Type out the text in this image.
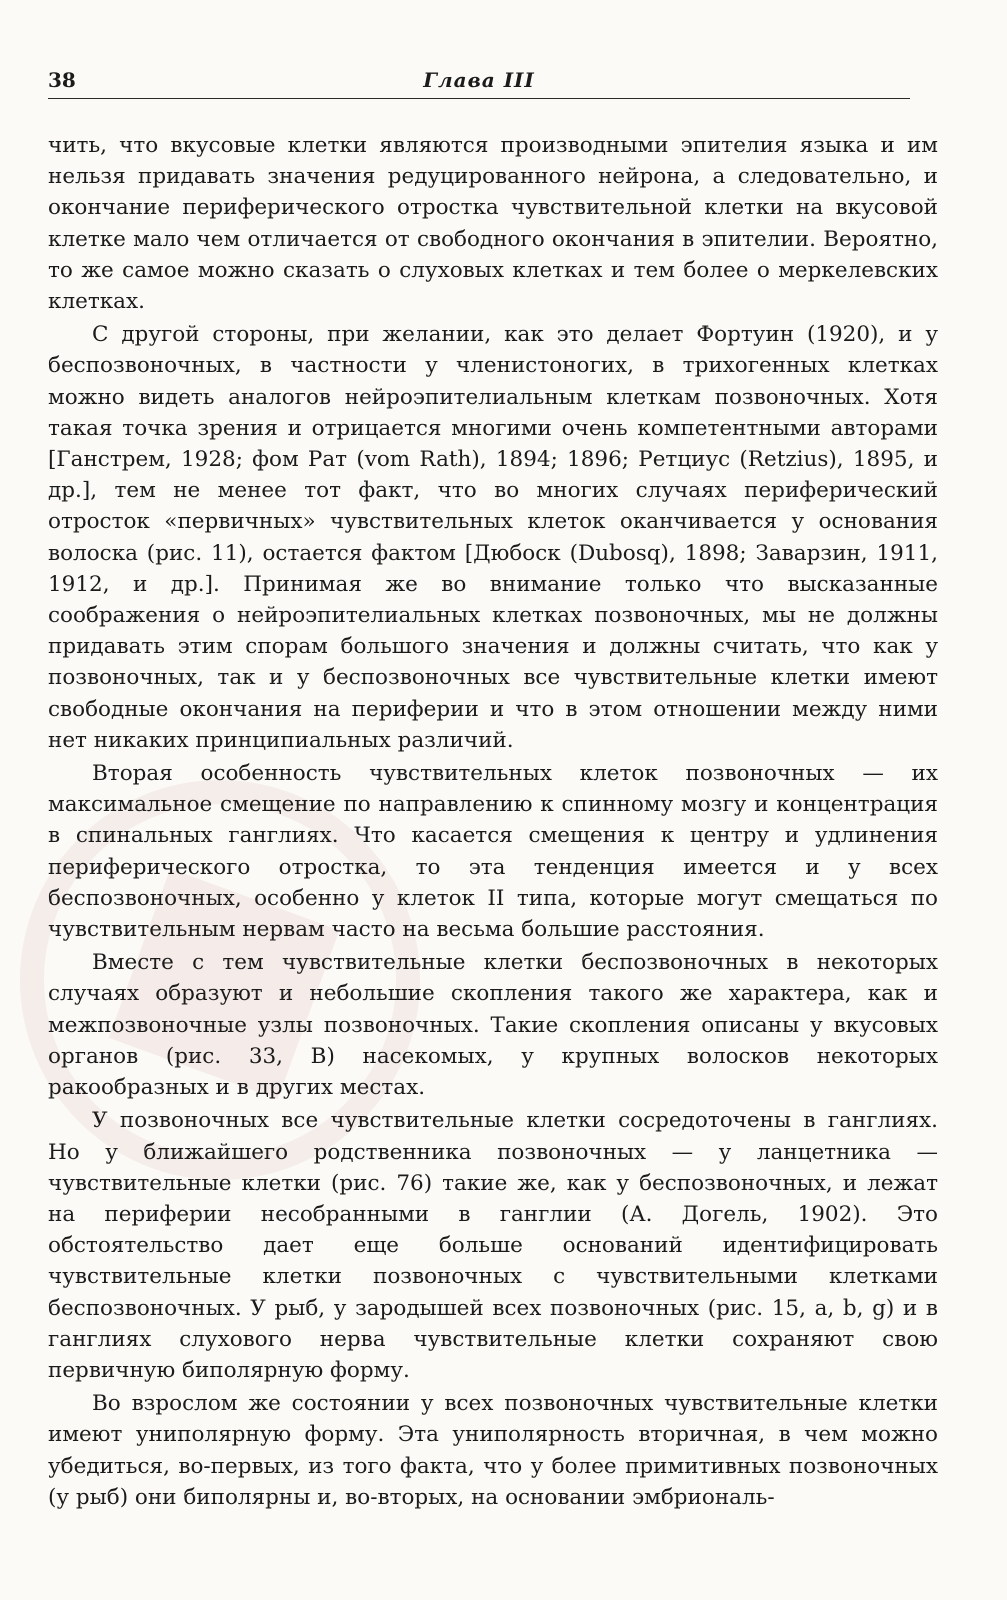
38	Глава III

чить, что вкусовые клетки являются производными эпителия языка и им нельзя придавать значения редуцированного нейрона, а следовательно, и окончание периферического отростка чувствительной клетки на вкусовой клетке мало чем отличается от свободного окончания в эпителии. Вероятно, то же самое можно сказать о слуховых клетках и тем более о меркелевских клетках.

С другой стороны, при желании, как это делает Фортуин (1920), и у беспозвоночных, в частности у членистоногих, в трихогенных клетках можно видеть аналогов нейроэпителиальным клеткам позвоночных. Хотя такая точка зрения и отрицается многими очень компетентными авторами [Ганстрем, 1928; фом Рат (vom Rath), 1894; 1896; Ретциус (Retzius), 1895, и др.], тем не менее тот факт, что во многих случаях периферический отросток «первичных» чувствительных клеток оканчивается у основания волоска (рис. 11), остается фактом [Дюбоск (Dubosq), 1898; Заварзин, 1911, 1912, и др.]. Принимая же во внимание только что высказанные соображения о нейроэпителиальных клетках позвоночных, мы не должны придавать этим спорам большого значения и должны считать, что как у позвоночных, так и у беспозвоночных все чувствительные клетки имеют свободные окончания на периферии и что в этом отношении между ними нет никаких принципиальных различий.

Вторая особенность чувствительных клеток позвоночных — их максимальное смещение по направлению к спинному мозгу и концентрация в спинальных ганглиях. Что касается смещения к центру и удлинения периферического отростка, то эта тенденция имеется и у всех беспозвоночных, особенно у клеток II типа, которые могут смещаться по чувствительным нервам часто на весьма большие расстояния.

Вместе с тем чувствительные клетки беспозвоночных в некоторых случаях образуют и небольшие скопления такого же характера, как и межпозвоночные узлы позвоночных. Такие скопления описаны у вкусовых органов (рис. 33, В) насекомых, у крупных волосков некоторых ракообразных и в других местах.

У позвоночных все чувствительные клетки сосредоточены в ганглиях. Но у ближайшего родственника позвоночных — у ланцетника — чувствительные клетки (рис. 76) такие же, как у беспозвоночных, и лежат на периферии несобранными в ганглии (А. Догель, 1902). Это обстоятельство дает еще больше оснований идентифицировать чувствительные клетки позвоночных с чувствительными клетками беспозвоночных. У рыб, у зародышей всех позвоночных (рис. 15, a, b, g) и в ганглиях слухового нерва чувствительные клетки сохраняют свою первичную биполярную форму.

Во взрослом же состоянии у всех позвоночных чувствительные клетки имеют униполярную форму. Эта униполярность вторичная, в чем можно убедиться, во-первых, из того факта, что у более примитивных позвоночных (у рыб) они биполярны и, во-вторых, на основании эмбриональ-
